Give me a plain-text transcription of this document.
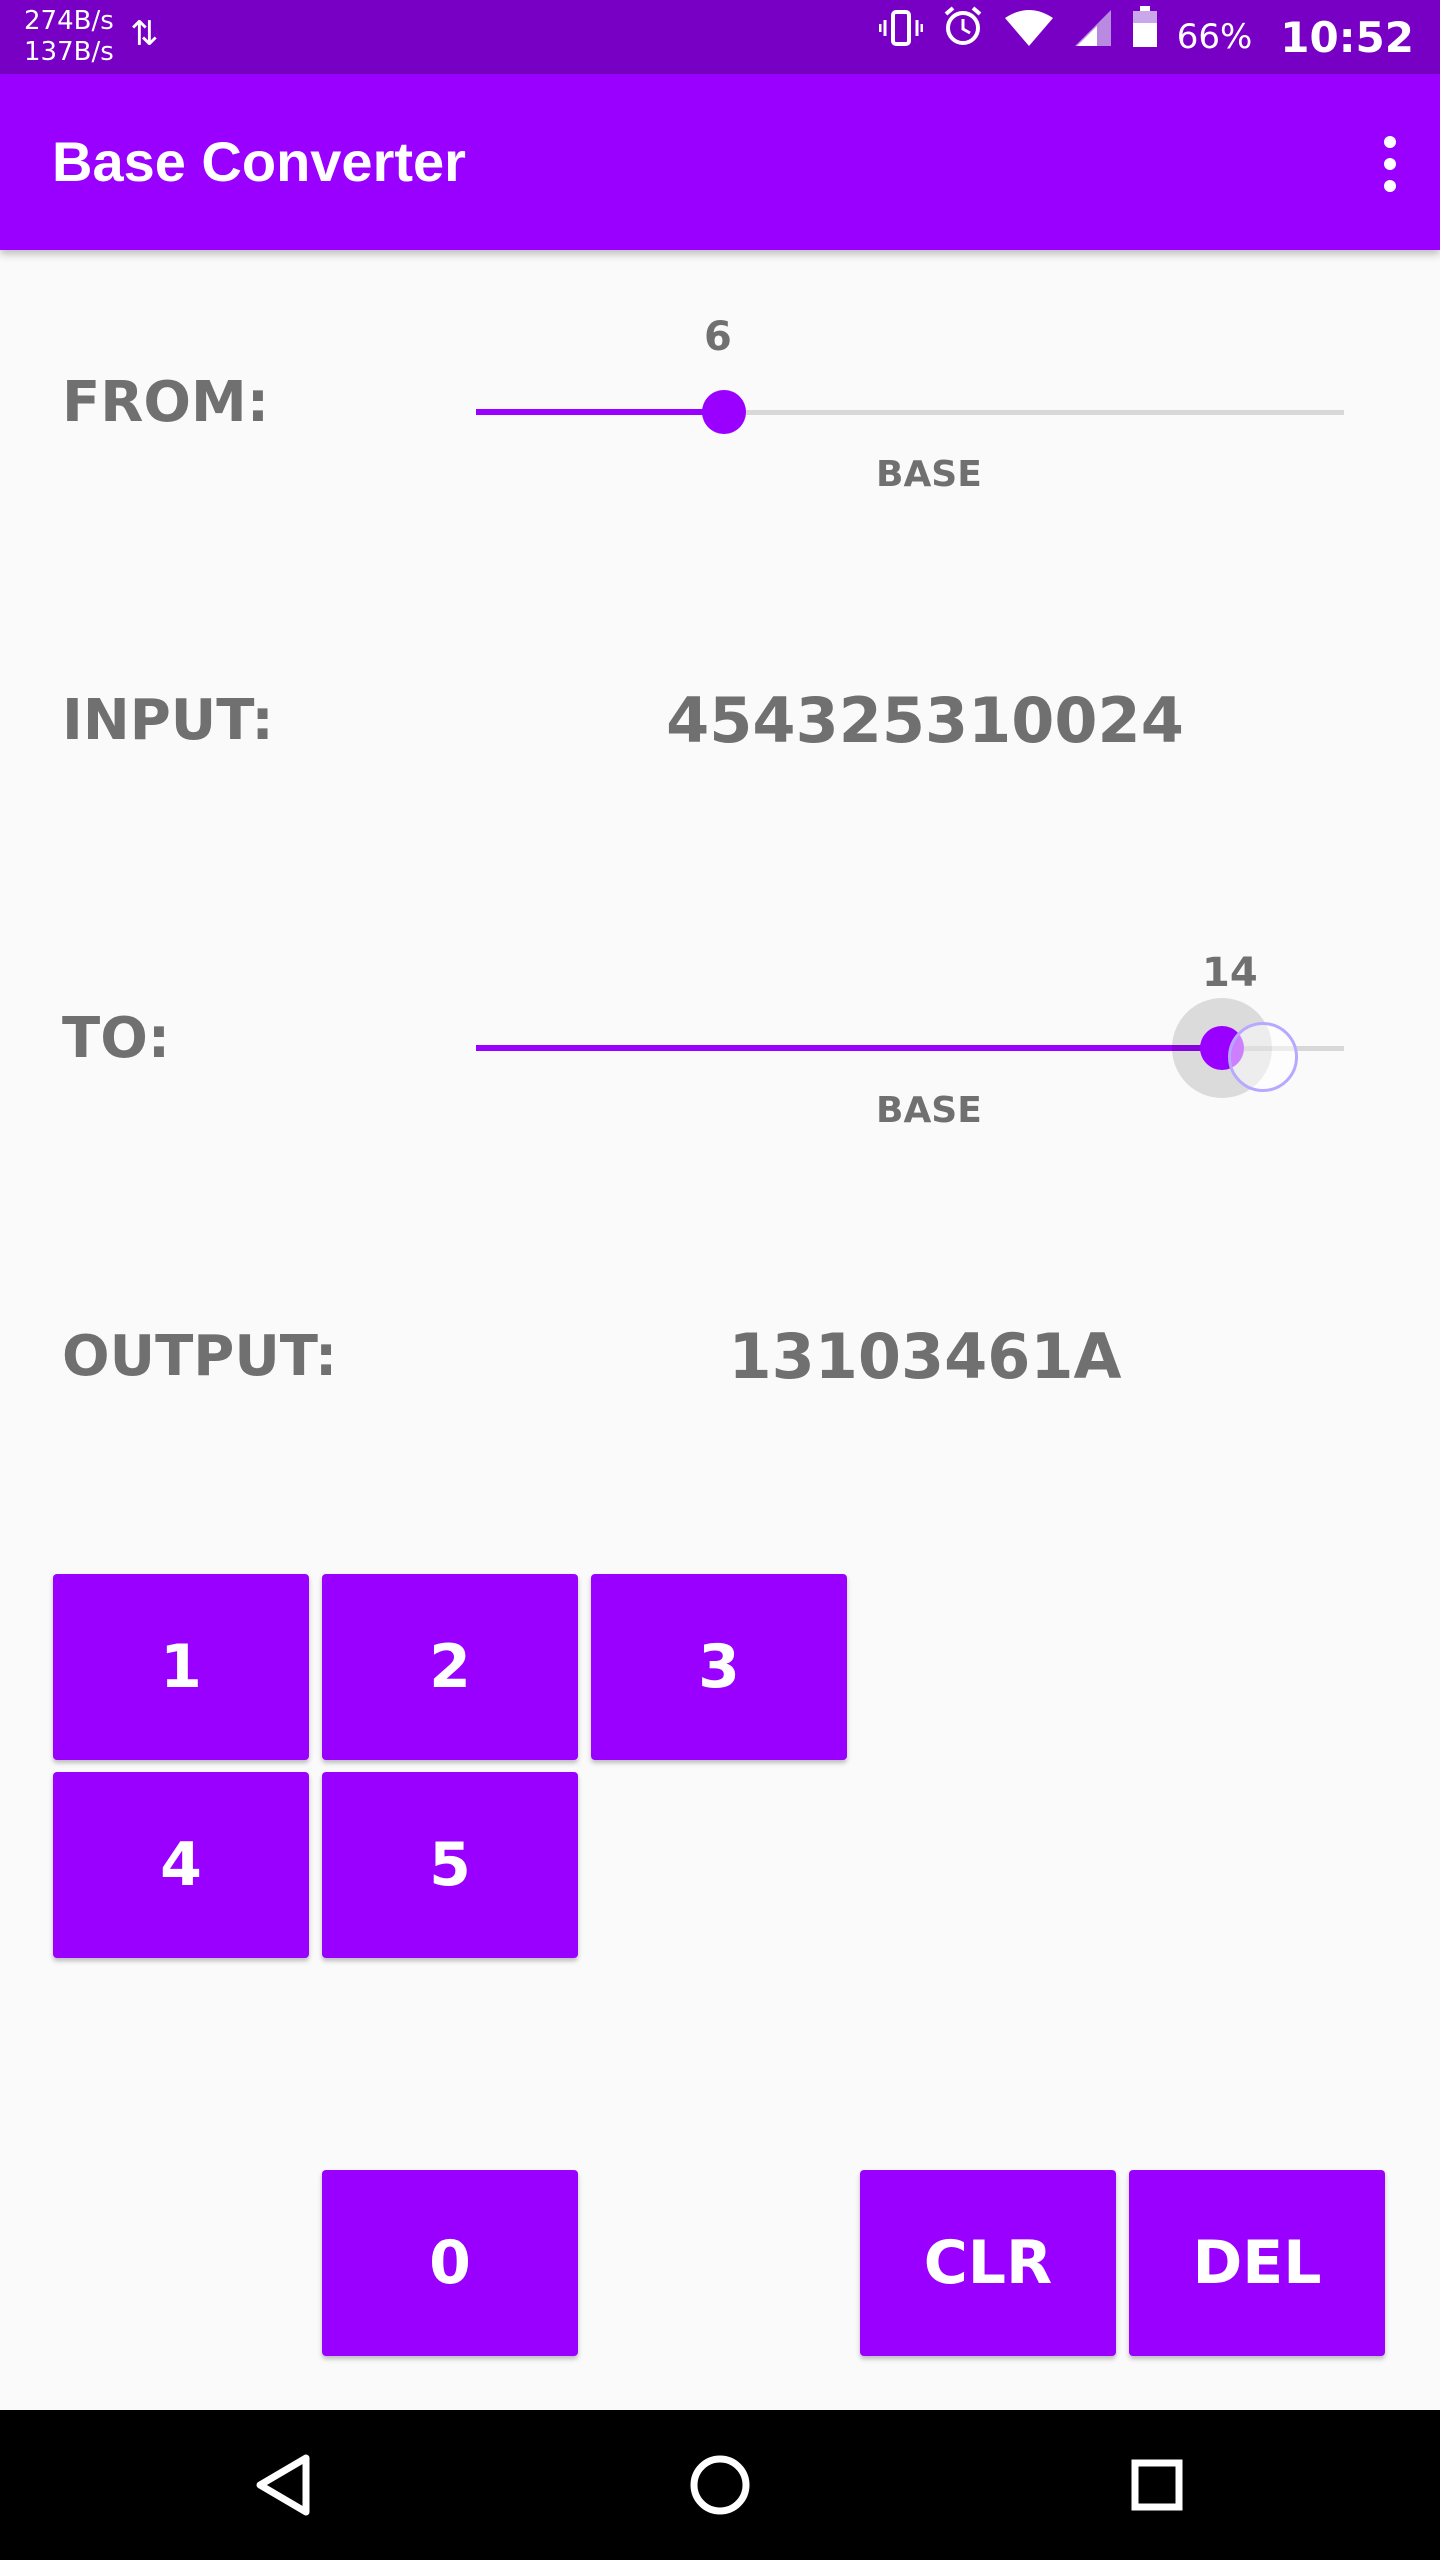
274B/s
137B/s ⇅	66% 10:52
Base Converter
FROM:
6
BASE
INPUT:	454325310024
TO:
14
BASE
OUTPUT:	13103461A
1	2	3
4	5
0	CLR	DEL
